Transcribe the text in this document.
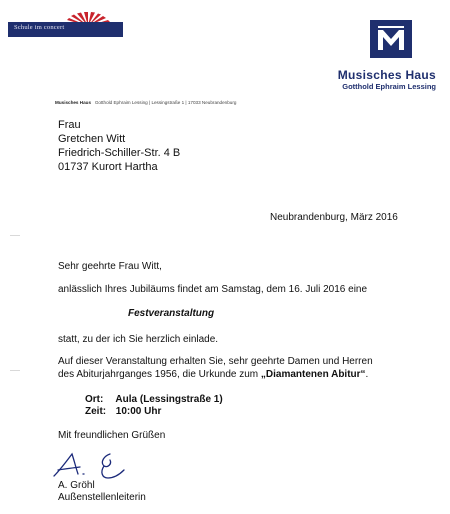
Schule im concert
Musisches Haus
Gotthold Ephraim Lessing
Musisches Haus Gotthold Ephraim Lessing | Lessingstraße 1 | 17033 Neubrandenburg
Frau
Gretchen Witt
Friedrich-Schiller-Str. 4 B
01737 Kurort Hartha
Neubrandenburg, März 2016
Sehr geehrte Frau Witt,
anlässlich Ihres Jubiläums findet am Samstag, dem 16. Juli 2016 eine
Festveranstaltung
statt, zu der ich Sie herzlich einlade.
Auf dieser Veranstaltung erhalten Sie, sehr geehrte Damen und Herren
des Abiturjahrganges 1956, die Urkunde zum „Diamantenen Abitur“.
Ort: Aula (Lessingstraße 1)
Zeit: 10:00 Uhr
Mit freundlichen Grüßen
A. Gröhl
Außenstellenleiterin
